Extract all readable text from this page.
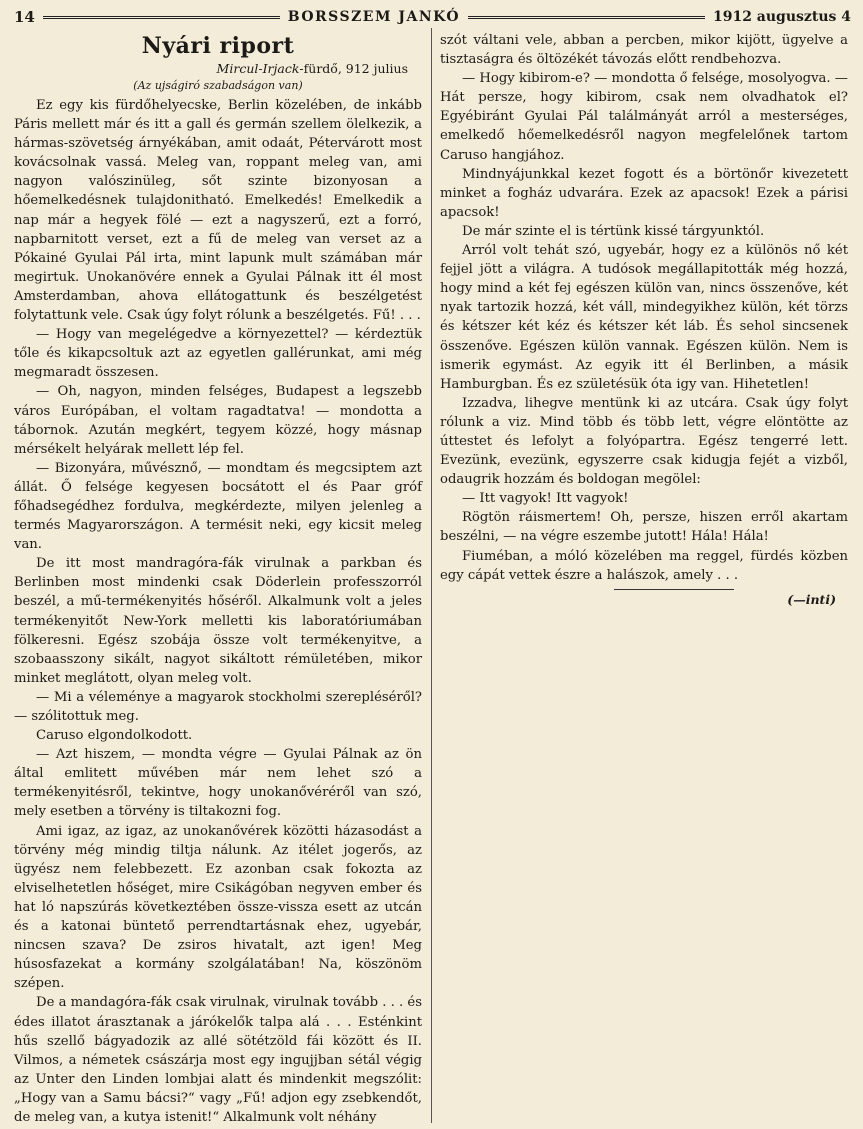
14	BORSSZEM JANKÓ	1912 augusztus 4
Nyári riport
Mircul-Irjack-fürdő, 912 julius
(Az ujságiró szabadságon van)

Ez egy kis fürdőhelyecske, Berlin közelében, de inkább Páris mellett már és itt a gall és germán szellem ölelkezik, a hármas-szövetség árnyékában, amit odaát, Pétervárott most kovácsolnak vassá. Meleg van, roppant meleg van, ami nagyon valószinüleg, sőt szinte bizonyosan a hőemelkedésnek tulajdonitható. Emelkedés! Emelkedik a nap már a hegyek fölé — ezt a nagyszerű, ezt a forró, napbarnitott verset, ezt a fű de meleg van verset az a Pókainé Gyulai Pál irta, mint lapunk mult számában már megirtuk. Unokanövére ennek a Gyulai Pálnak itt él most Amsterdamban, ahova ellátogattunk és beszélgetést folytattunk vele. Csak úgy folyt rólunk a beszélgetés. Fű! . . .

— Hogy van megelégedve a környezettel? — kérdeztük tőle és kikapcsoltuk azt az egyetlen gallérunkat, ami még megmaradt összesen.

— Oh, nagyon, minden felséges, Budapest a legszebb város Európában, el voltam ragadtatva! — mondotta a tábornok. Azután megkért, tegyem közzé, hogy másnap mérsékelt helyárak mellett lép fel.

— Bizonyára, művésznő, — mondtam és megcsiptem azt állát. Ő felsége kegyesen bocsátott el és Paar gróf főhadsegédhez fordulva, megkérdezte, milyen jelenleg a termés Magyarországon. A termésit neki, egy kicsit meleg van.

De itt most mandragóra-fák virulnak a parkban és Berlinben most mindenki csak Döderlein professzorról beszél, a mű-termékenyités hőséről. Alkalmunk volt a jeles termékenyitőt New-York melletti kis laboratóriumában fölkeresni. Egész szobája össze volt termékenyitve, a szobaasszony sikált, nagyot sikáltott rémületében, mikor minket meglátott, olyan meleg volt.

— Mi a véleménye a magyarok stockholmi szerepléséről? — szólitottuk meg.

Caruso elgondolkodott.

— Azt hiszem, — mondta végre — Gyulai Pálnak az ön által emlitett művében már nem lehet szó a termékenyitésről, tekintve, hogy unokanővéréről van szó, mely esetben a törvény is tiltakozni fog.

Ami igaz, az igaz, az unokanővérek közötti házasodást a törvény még mindig tiltja nálunk. Az itélet jogerős, az ügyész nem felebbezett. Ez azonban csak fokozta az elviselhetetlen hőséget, mire Csikágóban negyven ember és hat ló napszúrás következtében össze-vissza esett az utcán és a katonai büntető perrendtartásnak ehez, ugyebár, nincsen szava? De zsiros hivatalt, azt igen! Meg húsosfazekat a kormány szolgálatában! Na, köszönöm szépen.

De a mandagóra-fák csak virulnak, virulnak tovább . . . és édes illatot árasztanak a járókelők talpa alá . . . Esténkint hűs szellő bágyadozik az allé sötétzöld fái között és II. Vilmos, a németek császárja most egy ingujjban sétál végig az Unter den Linden lombjai alatt és mindenkit megszólit: „Hogy van a Samu bácsi?“ vagy „Fű! adjon egy zsebkendőt, de meleg van, a kutya istenit!“ Alkalmunk volt néhány

szót váltani vele, abban a percben, mikor kijött, ügyelve a tisztaságra és öltözékét távozás előtt rendbehozva.

— Hogy kibirom-e? — mondotta ő felsége, mosolyogva. — Hát persze, hogy kibirom, csak nem olvadhatok el? Egyébiránt Gyulai Pál találmányát arról a mesterséges, emelkedő hőemelkedésről nagyon megfelelőnek tartom Caruso hangjához.

Mindnyájunkkal kezet fogott és a börtönőr kivezetett minket a fogház udvarára. Ezek az apacsok! Ezek a párisi apacsok!

De már szinte el is tértünk kissé tárgyunktól.

Arról volt tehát szó, ugyebár, hogy ez a különös nő két fejjel jött a világra. A tudósok megállapitották még hozzá, hogy mind a két fej egészen külön van, nincs összenőve, két nyak tartozik hozzá, két váll, mindegyikhez külön, két törzs és kétszer két kéz és kétszer két láb. És sehol sincsenek összenőve. Egészen külön vannak. Egészen külön. Nem is ismerik egymást. Az egyik itt él Berlinben, a másik Hamburgban. És ez születésük óta igy van. Hihetetlen!

Izzadva, lihegve mentünk ki az utcára. Csak úgy folyt rólunk a viz. Mind több és több lett, végre elöntötte az úttestet és lefolyt a folyópartra. Egész tengerré lett. Evezünk, evezünk, egyszerre csak kidugja fejét a vizből, odaugrik hozzám és boldogan megölel:

— Itt vagyok! Itt vagyok!

Rögtön ráismertem! Oh, persze, hiszen erről akartam beszélni, — na végre eszembe jutott! Hála! Hála!

Fiuméban, a móló közelében ma reggel, fürdés közben egy cápát vettek észre a halászok, amely . . .

(—inti)
